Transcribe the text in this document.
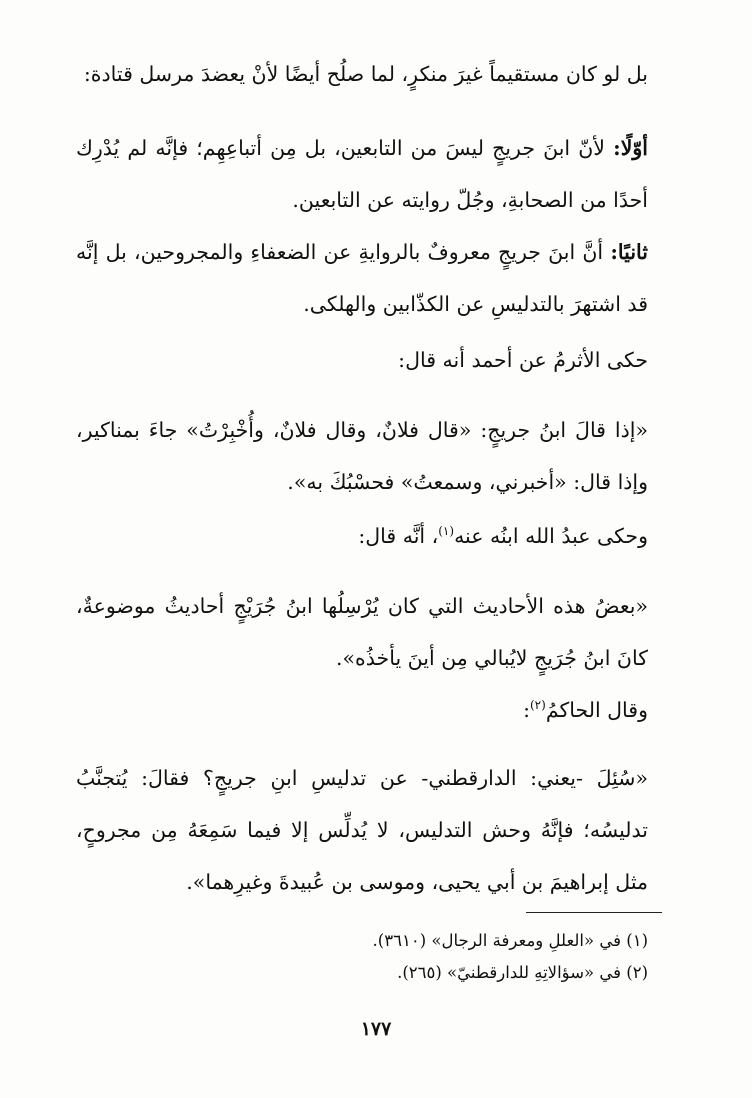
بل لو كان مستقيماً غيرَ منكرٍ، لما صلُح أيضًا لأنْ يعضدَ مرسل قتادة:

أوّلًا: لأنّ ابنَ جريجٍ ليسَ من التابعين، بل مِن أتباعِهِم؛ فإنَّه لم يُدْرِك أحدًا من الصحابةِ، وجُلّ روايته عن التابعين.

ثانيًا: أنَّ ابنَ جريجٍ معروفٌ بالروايةِ عن الضعفاءِ والمجروحين، بل إنَّه قد اشتهرَ بالتدليسِ عن الكذّابين والهلكى.

حكى الأثرمُ عن أحمد أنه قال:

«إذا قالَ ابنُ جريجٍ: «قال فلانٌ، وقال فلانٌ، وأُخْبِرْتُ» جاءَ بمناكير، وإذا قال: «أخبرني، وسمعتُ» فحسْبُكَ به».

وحكى عبدُ الله ابنُه عنه$^{(١)}$، أنَّه قال:

«بعضُ هذه الأحاديث التي كان يُرْسِلُها ابنُ جُرَيْجٍ أحاديثُ موضوعةٌ، كانَ ابنُ جُرَيجٍ لايُبالي مِن أينَ يأخذُه».

وقال الحاكمُ$^{(٢)}$:

«سُئِلَ -يعني: الدارقطني- عن تدليسِ ابنِ جريجٍ؟ فقالَ: يُتجنَّبُ تدليسُه؛ فإنَّهُ وحش التدليس، لا يُدلِّس إلا فيما سَمِعَهُ مِن مجروحٍ، مثل إبراهيمَ بن أبي يحيى، وموسى بن عُبيدةَ وغيرِهما».

(١) في «العللِ ومعرفة الرجال» (٣٦١٠).

(٢) في «سؤالاتِهِ للدارقطنيّ» (٢٦٥).

١٧٧
